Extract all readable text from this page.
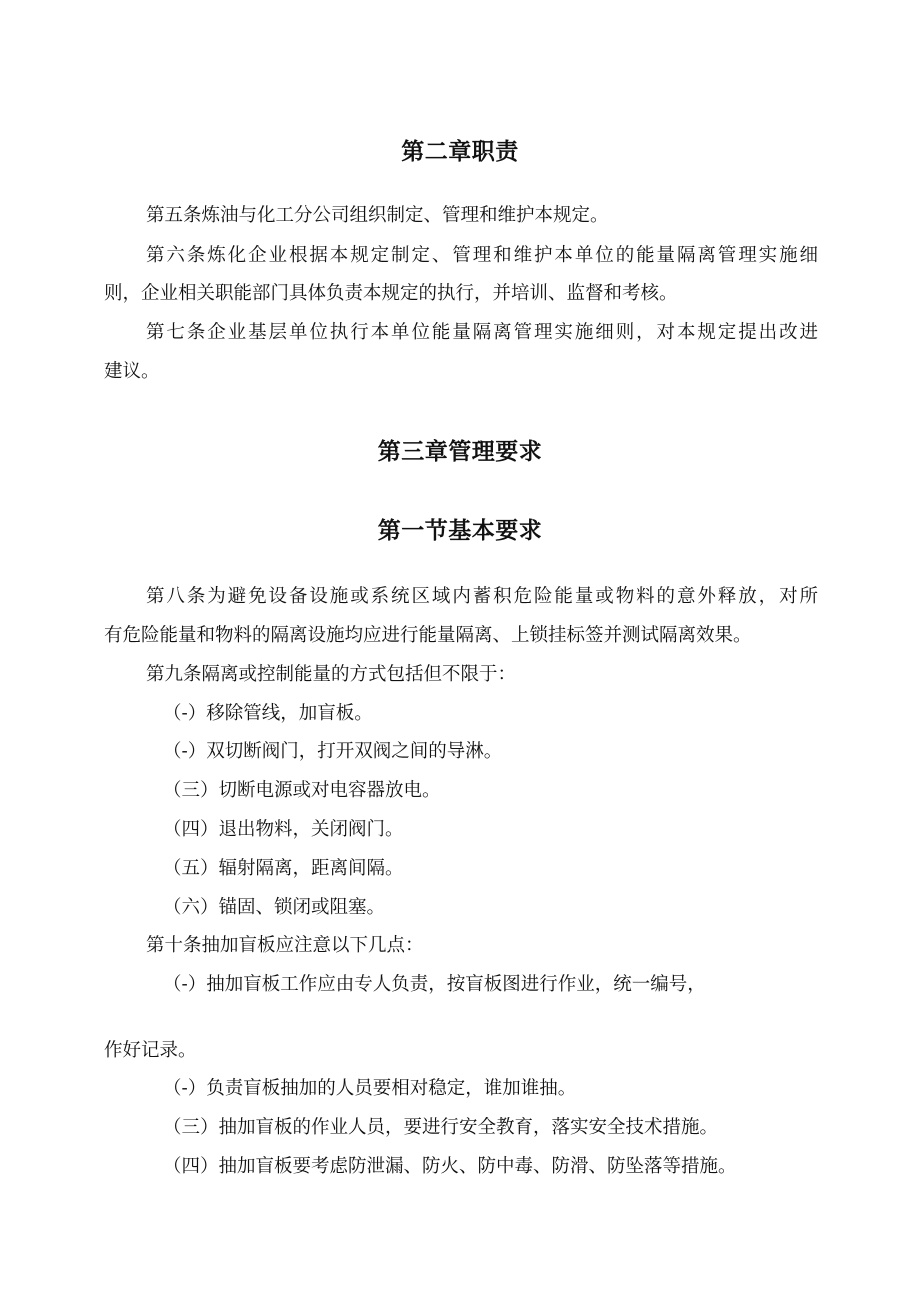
第二章职责
第五条炼油与化工分公司组织制定、管理和维护本规定。
第六条炼化企业根据本规定制定、管理和维护本单位的能量隔离管理实施细
则，企业相关职能部门具体负责本规定的执行，并培训、监督和考核。
第七条企业基层单位执行本单位能量隔离管理实施细则，对本规定提出改进
建议。
第三章管理要求
第一节基本要求
第八条为避免设备设施或系统区域内蓄积危险能量或物料的意外释放，对所
有危险能量和物料的隔离设施均应进行能量隔离、上锁挂标签并测试隔离效果。
第九条隔离或控制能量的方式包括但不限于：
（-）移除管线，加盲板。
（-）双切断阀门，打开双阀之间的导淋。
（三）切断电源或对电容器放电。
（四）退出物料，关闭阀门。
（五）辐射隔离，距离间隔。
（六）锚固、锁闭或阻塞。
第十条抽加盲板应注意以下几点：
（-）抽加盲板工作应由专人负责，按盲板图进行作业，统一编号，
作好记录。
（-）负责盲板抽加的人员要相对稳定，谁加谁抽。
（三）抽加盲板的作业人员，要进行安全教育，落实安全技术措施。
（四）抽加盲板要考虑防泄漏、防火、防中毒、防滑、防坠落等措施。
